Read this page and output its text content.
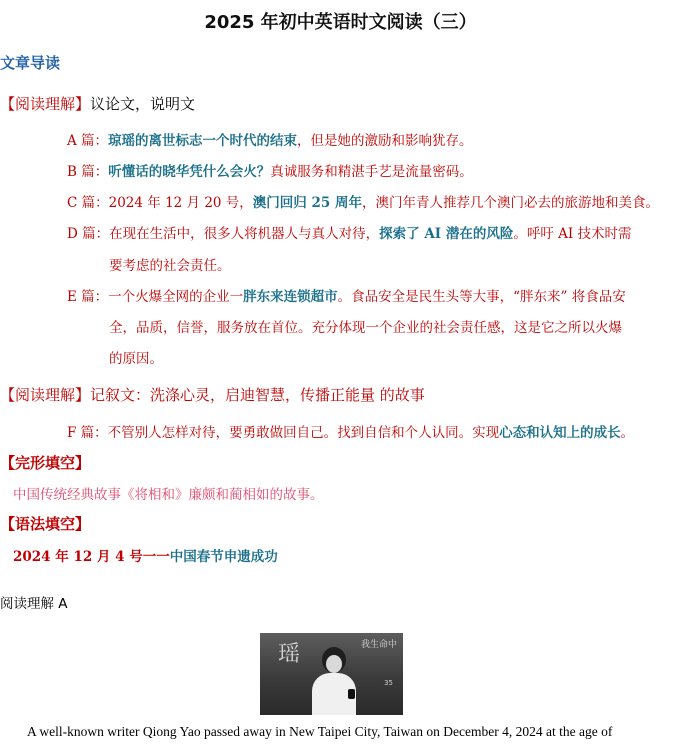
2025 年初中英语时文阅读（三）
文章导读
【阅读理解】议论文，说明文
A 篇：琼瑶的离世标志一个时代的结束，但是她的激励和影响犹存。
B 篇：听懂话的晓华凭什么会火？真诚服务和精湛手艺是流量密码。
C 篇：2024 年 12 月 20 号，澳门回归 25 周年，澳门年青人推荐几个澳门必去的旅游地和美食。
D 篇：在现在生活中，很多人将机器人与真人对待，探索了 AI 潜在的风险。呼吁 AI 技术时需
要考虑的社会责任。
E 篇：一个火爆全网的企业一胖东来连锁超市。食品安全是民生头等大事，“胖东来” 将食品安
全，品质，信誉，服务放在首位。充分体现一个企业的社会责任感，这是它之所以火爆
的原因。
【阅读理解】记叙文：洗涤心灵，启迪智慧，传播正能量 的故事
F 篇：不管别人怎样对待，要勇敢做回自己。找到自信和个人认同。实现心态和认知上的成长。
【完形填空】
中国传统经典故事《将相和》廉颇和蔺相如的故事。
【语法填空】
2024 年 12 月 4 号一一中国春节申遗成功
阅读理解 A
瑶	我生命中
35
A well-known writer Qiong Yao passed away in New Taipei City, Taiwan on December 4, 2024 at the age of
